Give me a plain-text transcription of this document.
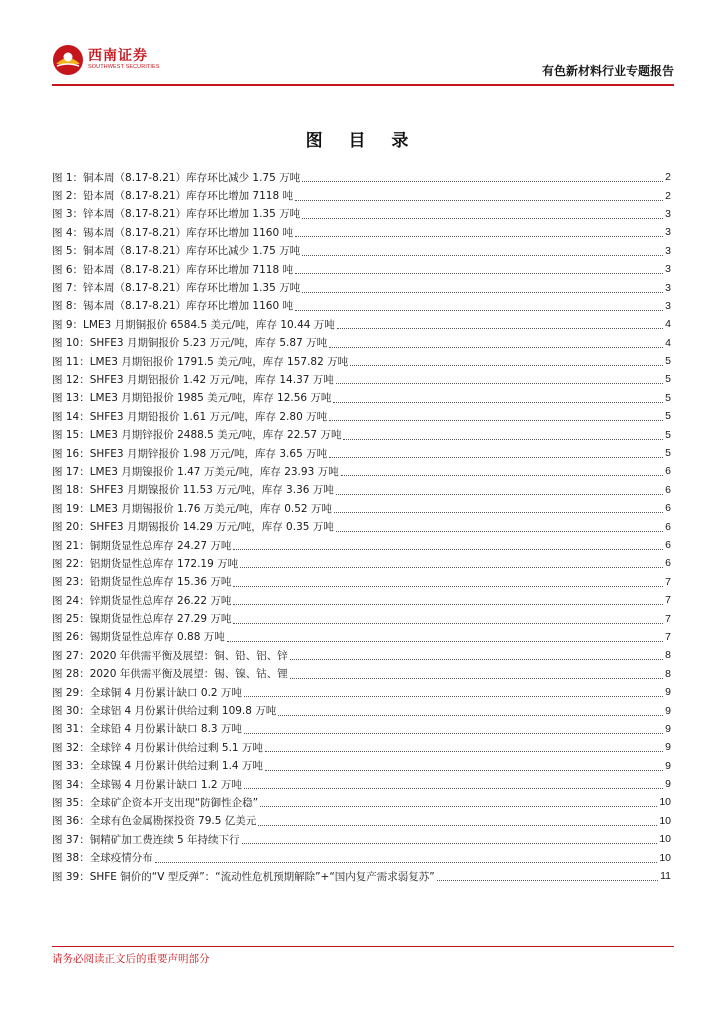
西南证券
SOUTHWEST SECURITIES	有色新材料行业专题报告
图 目 录
图 1：铜本周（8.17-8.21）库存环比减少 1.75 万吨	2
图 2：铅本周（8.17-8.21）库存环比增加 7118 吨	2
图 3：锌本周（8.17-8.21）库存环比增加 1.35 万吨	3
图 4：锡本周（8.17-8.21）库存环比增加 1160 吨	3
图 5：铜本周（8.17-8.21）库存环比减少 1.75 万吨	3
图 6：铅本周（8.17-8.21）库存环比增加 7118 吨	3
图 7：锌本周（8.17-8.21）库存环比增加 1.35 万吨	3
图 8：锡本周（8.17-8.21）库存环比增加 1160 吨	3
图 9：LME3 月期铜报价 6584.5 美元/吨，库存 10.44 万吨	4
图 10：SHFE3 月期铜报价 5.23 万元/吨，库存 5.87 万吨	4
图 11：LME3 月期铝报价 1791.5 美元/吨，库存 157.82 万吨	5
图 12：SHFE3 月期铝报价 1.42 万元/吨，库存 14.37 万吨	5
图 13：LME3 月期铅报价 1985 美元/吨，库存 12.56 万吨	5
图 14：SHFE3 月期铅报价 1.61 万元/吨，库存 2.80 万吨	5
图 15：LME3 月期锌报价 2488.5 美元/吨，库存 22.57 万吨	5
图 16：SHFE3 月期锌报价 1.98 万元/吨，库存 3.65 万吨	5
图 17：LME3 月期镍报价 1.47 万美元/吨，库存 23.93 万吨	6
图 18：SHFE3 月期镍报价 11.53 万元/吨，库存 3.36 万吨	6
图 19：LME3 月期锡报价 1.76 万美元/吨，库存 0.52 万吨	6
图 20：SHFE3 月期锡报价 14.29 万元/吨，库存 0.35 万吨	6
图 21：铜期货显性总库存 24.27 万吨	6
图 22：铝期货显性总库存 172.19 万吨	6
图 23：铅期货显性总库存 15.36 万吨	7
图 24：锌期货显性总库存 26.22 万吨	7
图 25：镍期货显性总库存 27.29 万吨	7
图 26：锡期货显性总库存 0.88 万吨	7
图 27：2020 年供需平衡及展望：铜、铅、铝、锌	8
图 28：2020 年供需平衡及展望：锡、镍、钴、锂	8
图 29：全球铜 4 月份累计缺口 0.2 万吨	9
图 30：全球铝 4 月份累计供给过剩 109.8 万吨	9
图 31：全球铅 4 月份累计缺口 8.3 万吨	9
图 32：全球锌 4 月份累计供给过剩 5.1 万吨	9
图 33：全球镍 4 月份累计供给过剩 1.4 万吨	9
图 34：全球锡 4 月份累计缺口 1.2 万吨	9
图 35：全球矿企资本开支出现“防御性企稳”	10
图 36：全球有色金属勘探投资 79.5 亿美元	10
图 37：铜精矿加工费连续 5 年持续下行	10
图 38：全球疫情分布	10
图 39：SHFE 铜价的“V 型反弹”：“流动性危机预期解除”+“国内复产需求弱复苏”	11
请务必阅读正文后的重要声明部分
